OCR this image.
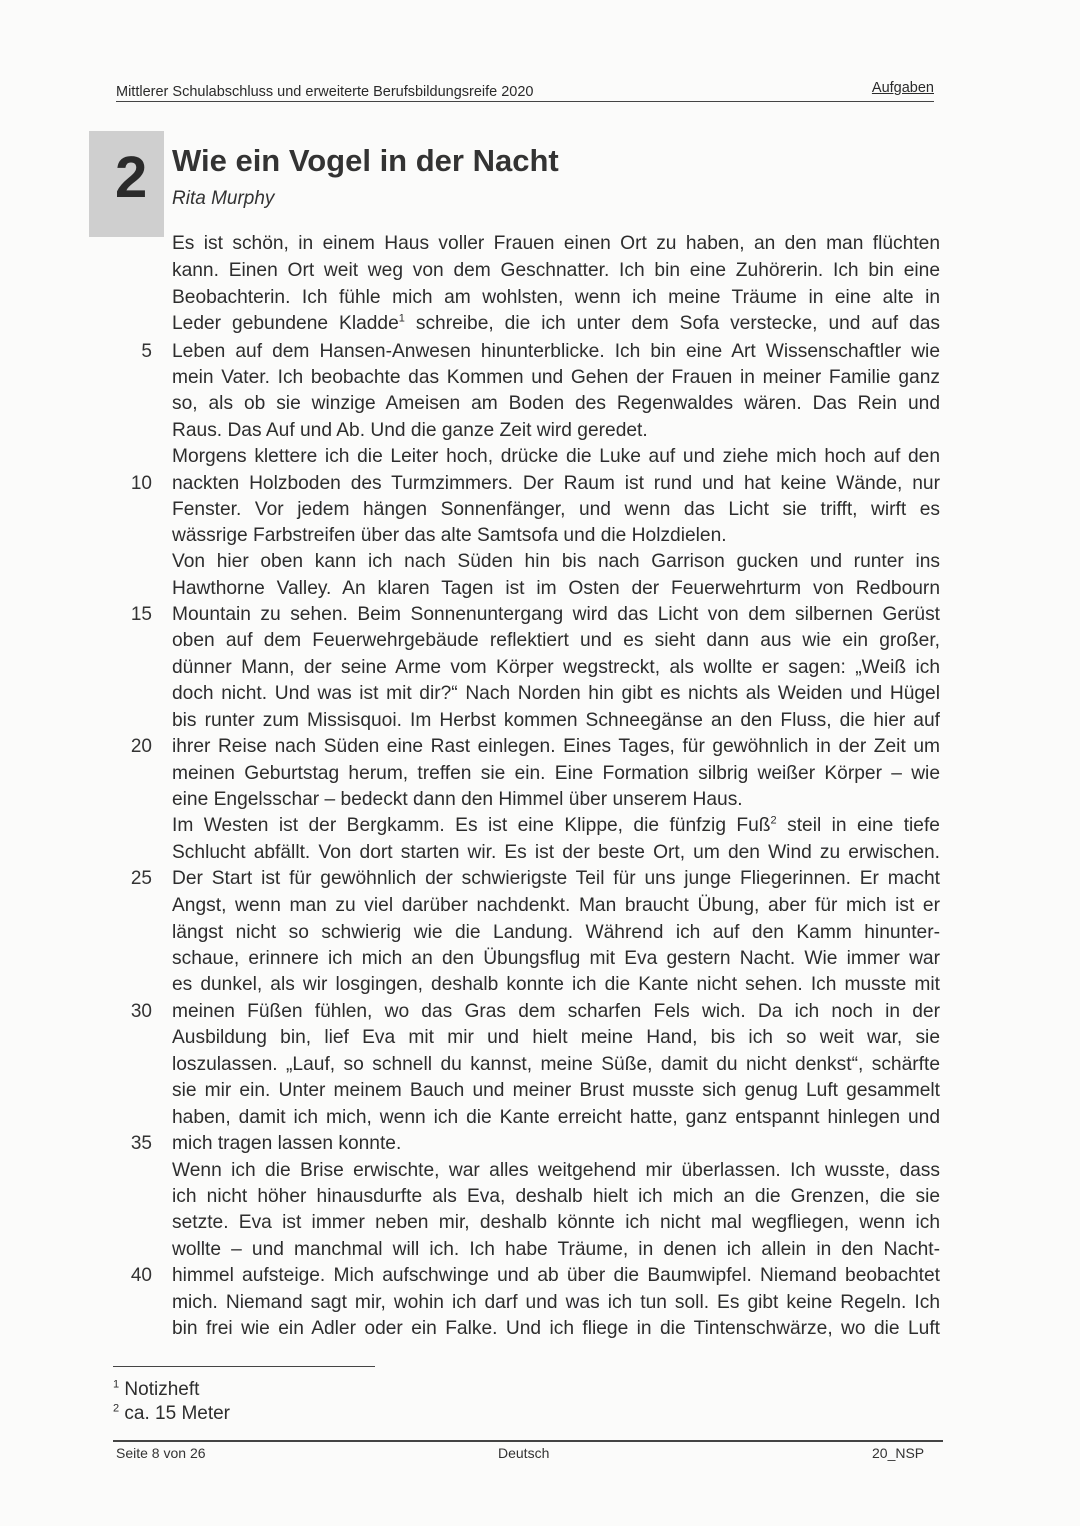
Mittlerer Schulabschluss und erweiterte Berufsbildungsreife 2020	Aufgaben
2 Wie ein Vogel in der Nacht
Rita Murphy
Es ist schön, in einem Haus voller Frauen einen Ort zu haben, an den man flüchten
kann. Einen Ort weit weg von dem Geschnatter. Ich bin eine Zuhörerin. Ich bin eine
Beobachterin. Ich fühle mich am wohlsten, wenn ich meine Träume in eine alte in
Leder gebundene Kladde$^1$ schreibe, die ich unter dem Sofa verstecke, und auf das
Leben auf dem Hansen-Anwesen hinunterblicke. Ich bin eine Art Wissenschaftler wie
mein Vater. Ich beobachte das Kommen und Gehen der Frauen in meiner Familie ganz
so, als ob sie winzige Ameisen am Boden des Regenwaldes wären. Das Rein und
Raus. Das Auf und Ab. Und die ganze Zeit wird geredet.
Morgens klettere ich die Leiter hoch, drücke die Luke auf und ziehe mich hoch auf den
nackten Holzboden des Turmzimmers. Der Raum ist rund und hat keine Wände, nur
Fenster. Vor jedem hängen Sonnenfänger, und wenn das Licht sie trifft, wirft es
wässrige Farbstreifen über das alte Samtsofa und die Holzdielen.
Von hier oben kann ich nach Süden hin bis nach Garrison gucken und runter ins
Hawthorne Valley. An klaren Tagen ist im Osten der Feuerwehrturm von Redbourn
Mountain zu sehen. Beim Sonnenuntergang wird das Licht von dem silbernen Gerüst
oben auf dem Feuerwehrgebäude reflektiert und es sieht dann aus wie ein großer,
dünner Mann, der seine Arme vom Körper wegstreckt, als wollte er sagen: „Weiß ich
doch nicht. Und was ist mit dir?“ Nach Norden hin gibt es nichts als Weiden und Hügel
bis runter zum Missisquoi. Im Herbst kommen Schneegänse an den Fluss, die hier auf
ihrer Reise nach Süden eine Rast einlegen. Eines Tages, für gewöhnlich in der Zeit um
meinen Geburtstag herum, treffen sie ein. Eine Formation silbrig weißer Körper – wie
eine Engelsschar – bedeckt dann den Himmel über unserem Haus.
Im Westen ist der Bergkamm. Es ist eine Klippe, die fünfzig Fuß$^2$ steil in eine tiefe
Schlucht abfällt. Von dort starten wir. Es ist der beste Ort, um den Wind zu erwischen.
Der Start ist für gewöhnlich der schwierigste Teil für uns junge Fliegerinnen. Er macht
Angst, wenn man zu viel darüber nachdenkt. Man braucht Übung, aber für mich ist er
längst nicht so schwierig wie die Landung. Während ich auf den Kamm hinunter-
schaue, erinnere ich mich an den Übungsflug mit Eva gestern Nacht. Wie immer war
es dunkel, als wir losgingen, deshalb konnte ich die Kante nicht sehen. Ich musste mit
meinen Füßen fühlen, wo das Gras dem scharfen Fels wich. Da ich noch in der
Ausbildung bin, lief Eva mit mir und hielt meine Hand, bis ich so weit war, sie
loszulassen. „Lauf, so schnell du kannst, meine Süße, damit du nicht denkst“, schärfte
sie mir ein. Unter meinem Bauch und meiner Brust musste sich genug Luft gesammelt
haben, damit ich mich, wenn ich die Kante erreicht hatte, ganz entspannt hinlegen und
mich tragen lassen konnte.
Wenn ich die Brise erwischte, war alles weitgehend mir überlassen. Ich wusste, dass
ich nicht höher hinausdurfte als Eva, deshalb hielt ich mich an die Grenzen, die sie
setzte. Eva ist immer neben mir, deshalb könnte ich nicht mal wegfliegen, wenn ich
wollte – und manchmal will ich. Ich habe Träume, in denen ich allein in den Nacht-
himmel aufsteige. Mich aufschwinge und ab über die Baumwipfel. Niemand beobachtet
mich. Niemand sagt mir, wohin ich darf und was ich tun soll. Es gibt keine Regeln. Ich
bin frei wie ein Adler oder ein Falke. Und ich fliege in die Tintenschwärze, wo die Luft
5
10
15
20
25
30
35
40
$^1$ Notizheft
$^2$ ca. 15 Meter
Seite 8 von 26	Deutsch	20_NSP
